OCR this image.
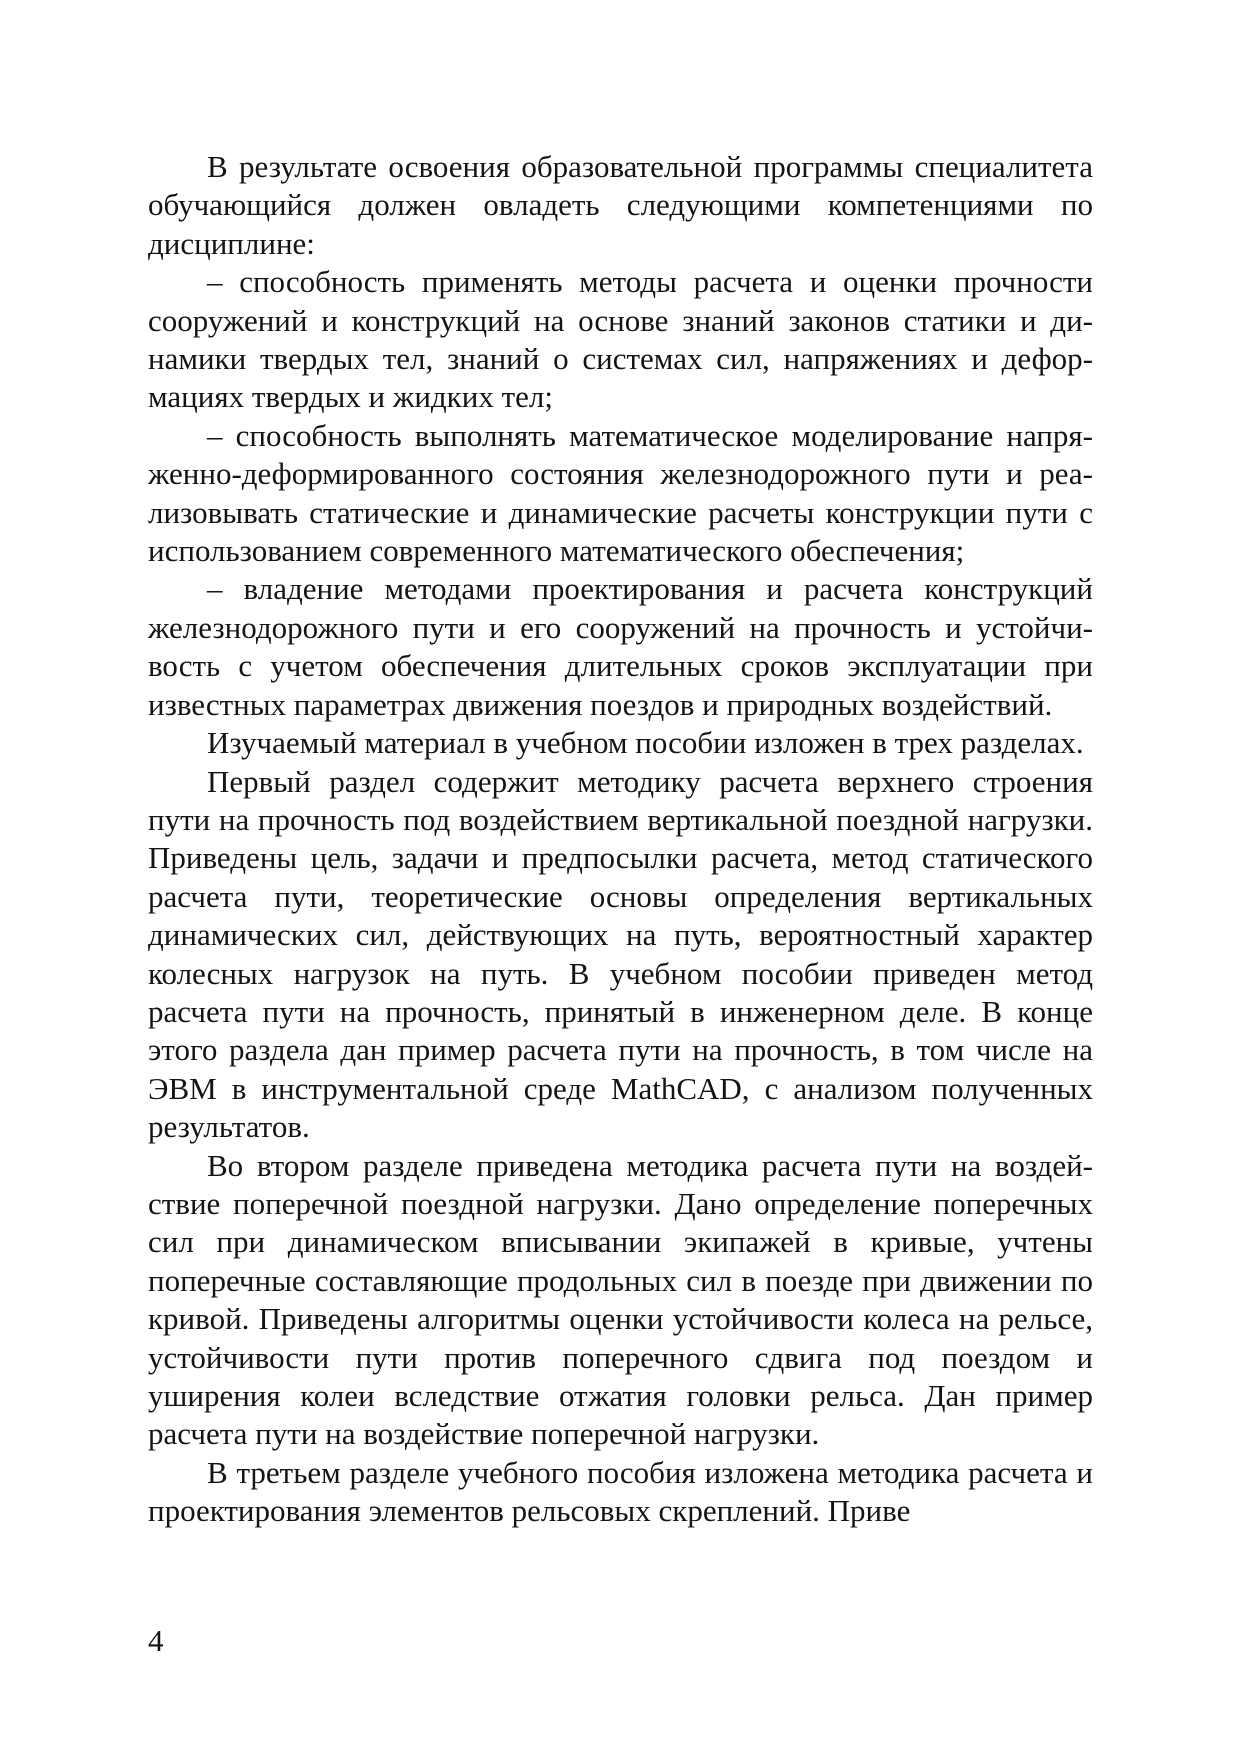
В результате освоения образовательной программы специалитета обучающийся должен овладеть следующими компетенциями по дисциплине:

– способность применять методы расчета и оценки прочности сооружений и конструкций на основе знаний законов статики и динамики твердых тел, знаний о системах сил, напряжениях и деформациях твердых и жидких тел;

– способность выполнять математическое моделирование напряженно-деформированного состояния железнодорожного пути и реализовывать статические и динамические расчеты конструкции пути с использованием современного математического обеспечения;

– владение методами проектирования и расчета конструкций железнодорожного пути и его сооружений на прочность и устойчивость с учетом обеспечения длительных сроков эксплуатации при известных параметрах движения поездов и природных воздействий.

Изучаемый материал в учебном пособии изложен в трех разделах.

Первый раздел содержит методику расчета верхнего строения пути на прочность под воздействием вертикальной поездной нагрузки. Приведены цель, задачи и предпосылки расчета, метод статического расчета пути, теоретические основы определения вертикальных динамических сил, действующих на путь, вероятностный характер колесных нагрузок на путь. В учебном пособии приведен метод расчета пути на прочность, принятый в инженерном деле. В конце этого раздела дан пример расчета пути на прочность, в том числе на ЭВМ в инструментальной среде MathCAD, с анализом полученных результатов.

Во втором разделе приведена методика расчета пути на воздействие поперечной поездной нагрузки. Дано определение поперечных сил при динамическом вписывании экипажей в кривые, учтены поперечные составляющие продольных сил в поезде при движении по кривой. Приведены алгоритмы оценки устойчивости колеса на рельсе, устойчивости пути против поперечного сдвига под поездом и уширения колеи вследствие отжатия головки рельса. Дан пример расчета пути на воздействие поперечной нагрузки.

В третьем разделе учебного пособия изложена методика расчета и проектирования элементов рельсовых скреплений. Приве

4
